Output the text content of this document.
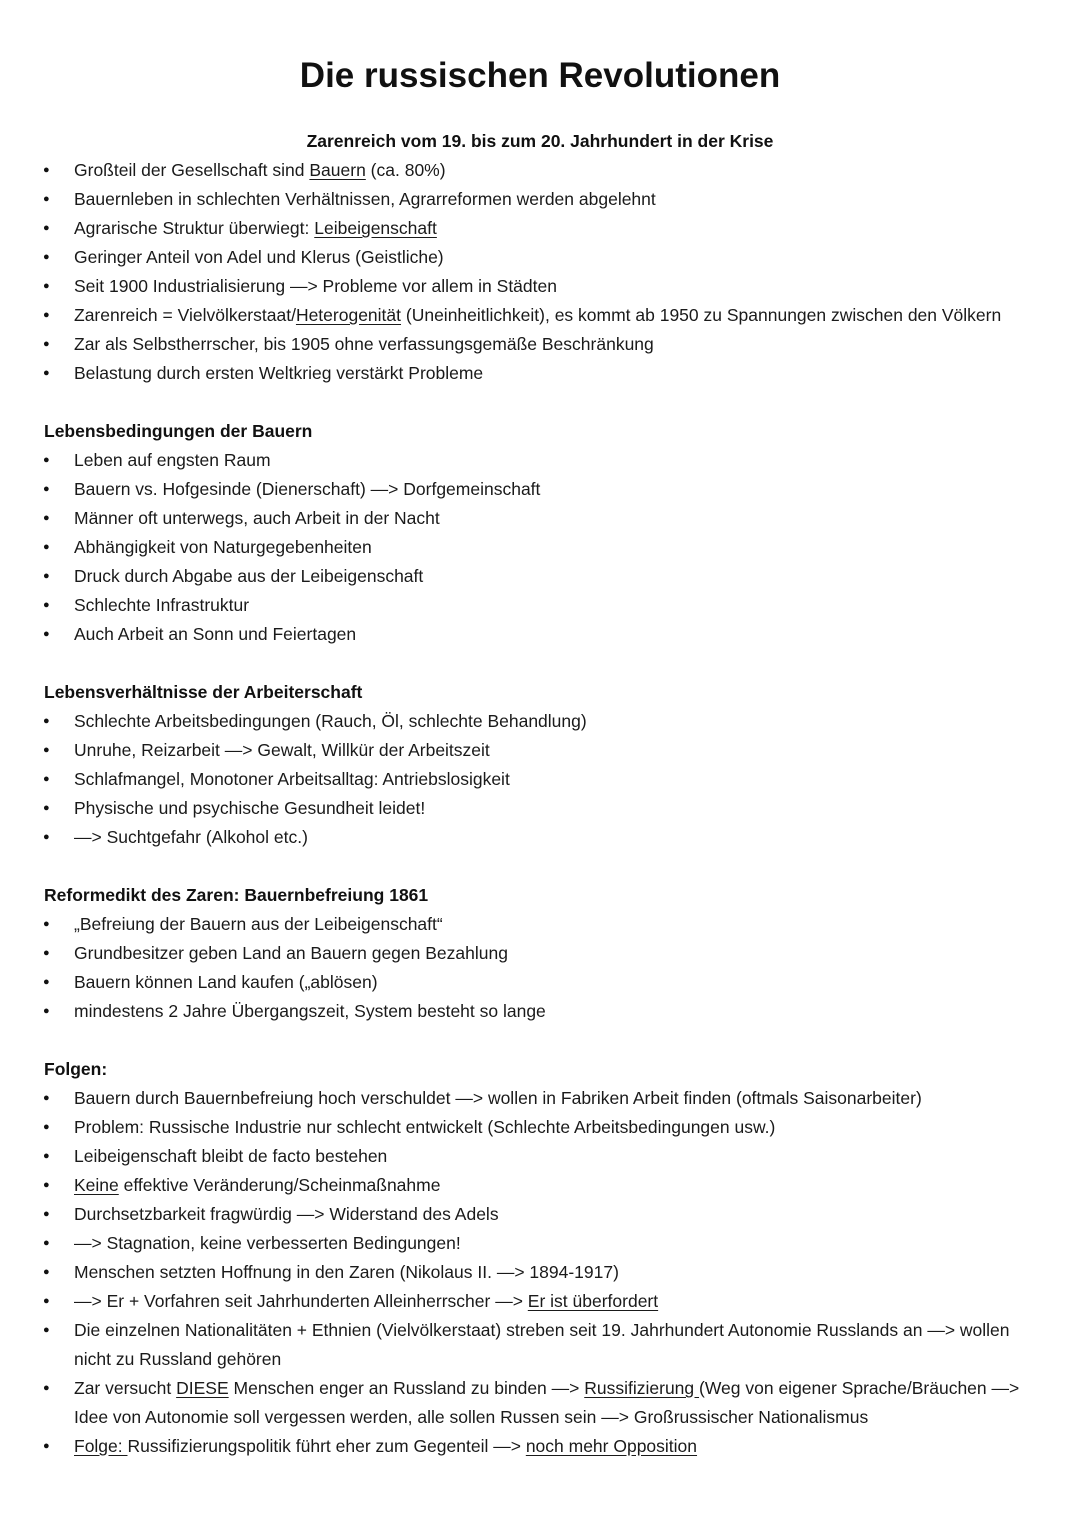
Die russischen Revolutionen
Zarenreich vom 19. bis zum 20. Jahrhundert in der Krise
● Großteil der Gesellschaft sind Bauern (ca. 80%)
● Bauernleben in schlechten Verhältnissen, Agrarreformen werden abgelehnt
● Agrarische Struktur überwiegt: Leibeigenschaft
● Geringer Anteil von Adel und Klerus (Geistliche)
● Seit 1900 Industrialisierung —> Probleme vor allem in Städten
● Zarenreich = Vielvölkerstaat/Heterogenität (Uneinheitlichkeit), es kommt ab 1950 zu Spannungen zwischen den Völkern
● Zar als Selbstherrscher, bis 1905 ohne verfassungsgemäße Beschränkung
● Belastung durch ersten Weltkrieg verstärkt Probleme
Lebensbedingungen der Bauern
● Leben auf engsten Raum
● Bauern vs. Hofgesinde (Dienerschaft) —> Dorfgemeinschaft
● Männer oft unterwegs, auch Arbeit in der Nacht
● Abhängigkeit von Naturgegebenheiten
● Druck durch Abgabe aus der Leibeigenschaft
● Schlechte Infrastruktur
● Auch Arbeit an Sonn und Feiertagen
Lebensverhältnisse der Arbeiterschaft
● Schlechte Arbeitsbedingungen (Rauch, Öl, schlechte Behandlung)
● Unruhe, Reizarbeit —> Gewalt, Willkür der Arbeitszeit
● Schlafmangel, Monotoner Arbeitsalltag: Antriebslosigkeit
● Physische und psychische Gesundheit leidet!
● —> Suchtgefahr (Alkohol etc.)
Reformedikt des Zaren: Bauernbefreiung 1861
● „Befreiung der Bauern aus der Leibeigenschaft“
● Grundbesitzer geben Land an Bauern gegen Bezahlung
● Bauern können Land kaufen („ablösen)
● mindestens 2 Jahre Übergangszeit, System besteht so lange
Folgen:
● Bauern durch Bauernbefreiung hoch verschuldet —> wollen in Fabriken Arbeit finden (oftmals Saisonarbeiter)
● Problem: Russische Industrie nur schlecht entwickelt (Schlechte Arbeitsbedingungen usw.)
● Leibeigenschaft bleibt de facto bestehen
● Keine effektive Veränderung/Scheinmaßnahme
● Durchsetzbarkeit fragwürdig —> Widerstand des Adels
● —> Stagnation, keine verbesserten Bedingungen!
● Menschen setzten Hoffnung in den Zaren (Nikolaus II. —> 1894-1917)
● —> Er + Vorfahren seit Jahrhunderten Alleinherrscher —> Er ist überfordert
● Die einzelnen Nationalitäten + Ethnien (Vielvölkerstaat) streben seit 19. Jahrhundert Autonomie Russlands an —> wollen nicht zu Russland gehören
● Zar versucht DIESE Menschen enger an Russland zu binden —> Russifizierung (Weg von eigener Sprache/Bräuchen —> Idee von Autonomie soll vergessen werden, alle sollen Russen sein —> Großrussischer Nationalismus
● Folge: Russifizierungspolitik führt eher zum Gegenteil —> noch mehr Opposition
